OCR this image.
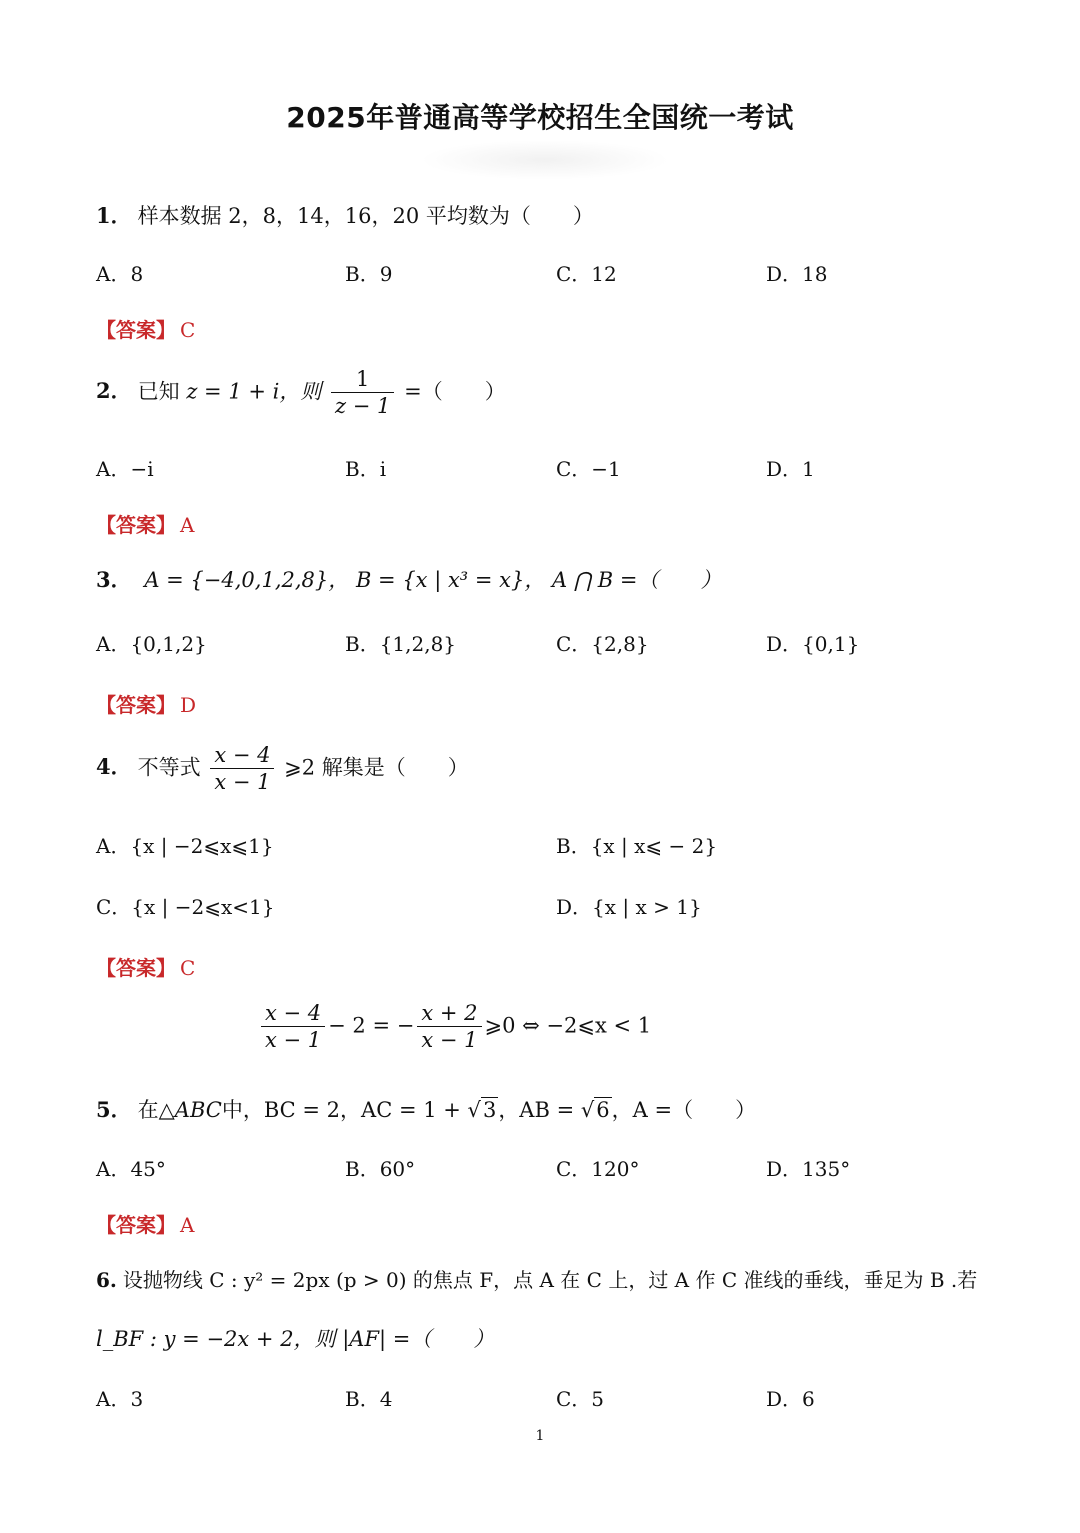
2025年普通高等学校招生全国统一考试
1． 样本数据 2，8，14，16，20 平均数为（　　）
A．8	B．9	C．12	D．18
【答案】 C
2． 已知 z = 1 + i，则 $\frac{1}{z - 1}$ =（　　）
A．−i	B．i	C．−1	D．1
【答案】 A
3． A = {−4,0,1,2,8}， B = {x | x³ = x}， A ⋂ B =（　　）
A．{0,1,2}	B．{1,2,8}	C．{2,8}	D．{0,1}
【答案】 D
4． 不等式 $\frac{x - 4}{x - 1}$ ⩾2 解集是（　　）
A．{x | −2⩽x⩽1}	B．{x | x⩽ − 2}
C．{x | −2⩽x<1}	D．{x | x > 1}
【答案】 C
$\frac{x - 4}{x - 1} - 2$ = − $\frac{x + 2}{x - 1}$ ⩾0 ⇔ −2⩽x < 1
5． 在△ABC中，BC = 2，AC = 1 + √3，AB = √6，A =（　　）
A．45°	B．60°	C．120°	D．135°
【答案】 A
6. 设抛物线 C : y² = 2px (p > 0) 的焦点 F，点 A 在 C 上，过 A 作 C 准线的垂线，垂足为 B .若
l_BF : y = −2x + 2，则 |AF| =（　　）
A．3	B．4	C．5	D．6
1
